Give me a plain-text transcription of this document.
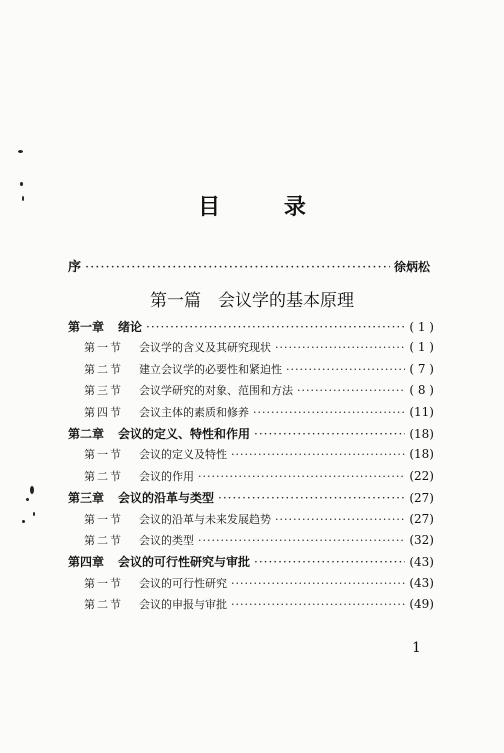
目 录
序 ·····	徐炳松
第一篇　会议学的基本原理
第一章 绪论 ·····	( 1 )
第一节 会议学的含义及其研究现状 ·····	( 1 )
第二节 建立会议学的必要性和紧迫性 ·····	( 7 )
第三节 会议学研究的对象、范围和方法 ·····	( 8 )
第四节 会议主体的素质和修养 ·····	(11)
第二章 会议的定义、特性和作用 ·····	(18)
第一节 会议的定义及特性 ·····	(18)
第二节 会议的作用 ·····	(22)
第三章 会议的沿革与类型 ·····	(27)
第一节 会议的沿革与未来发展趋势 ·····	(27)
第二节 会议的类型 ·····	(32)
第四章 会议的可行性研究与审批 ·····	(43)
第一节 会议的可行性研究 ·····	(43)
第二节 会议的申报与审批 ·····	(49)
1
